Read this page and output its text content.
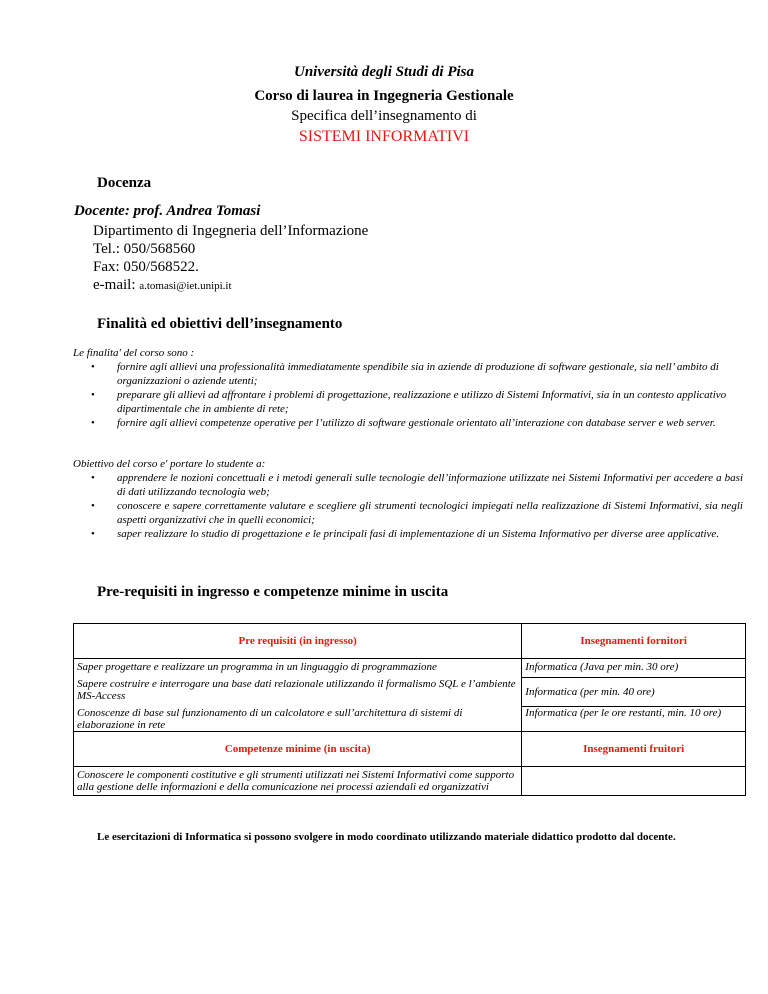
Università degli Studi di Pisa
Corso di laurea in Ingegneria Gestionale
Specifica dell’insegnamento di
SISTEMI INFORMATIVI
Docenza
Docente: prof. Andrea Tomasi
Dipartimento di Ingegneria dell’Informazione
Tel.: 050/568560
Fax: 050/568522.
e-mail: a.tomasi@iet.unipi.it
Finalità ed obiettivi dell’insegnamento
Le finalita' del corso sono :
• fornire agli allievi una professionalità immediatamente spendibile sia in aziende di produzione di software gestionale, sia nell’ ambito di organizzazioni o aziende utenti;
• preparare gli allievi ad affrontare i problemi di progettazione, realizzazione e utilizzo di Sistemi Informativi, sia in un contesto applicativo dipartimentale che in ambiente di rete;
• fornire agli allievi competenze operative per l’utilizzo di software gestionale orientato all’interazione con database server e web server.
Obiettivo del corso e' portare lo studente a:
• apprendere le nozioni concettuali e i metodi generali sulle tecnologie dell’informazione utilizzate nei Sistemi Informativi per accedere a basi di dati utilizzando tecnologia web;
• conoscere e sapere correttamente valutare e scegliere gli strumenti tecnologici impiegati nella realizzazione di Sistemi Informativi, sia negli aspetti organizzativi che in quelli economici;
• saper realizzare lo studio di progettazione e le principali fasi di implementazione di un Sistema Informativo per diverse aree applicative.
Pre-requisiti in ingresso e competenze minime in uscita
Pre requisiti (in ingresso)	Insegnamenti fornitori
Saper progettare e realizzare un programma in un linguaggio di programmazione	Informatica (Java per min. 30 ore)
Sapere costruire e interrogare una base dati relazionale utilizzando il formalismo SQL e l’ambiente MS-Access	Informatica (per min. 40 ore)
Conoscenze di base sul funzionamento di un calcolatore e sull’architettura di sistemi di elaborazione in rete	Informatica (per le ore restanti, min. 10 ore)
Competenze minime (in uscita)	Insegnamenti fruitori
Conoscere le componenti costitutive e gli strumenti utilizzati nei Sistemi Informativi come supporto alla gestione delle informazioni e della comunicazione nei processi aziendali ed organizzativi	
Le esercitazioni di Informatica si possono svolgere in modo coordinato utilizzando materiale didattico prodotto dal docente.
